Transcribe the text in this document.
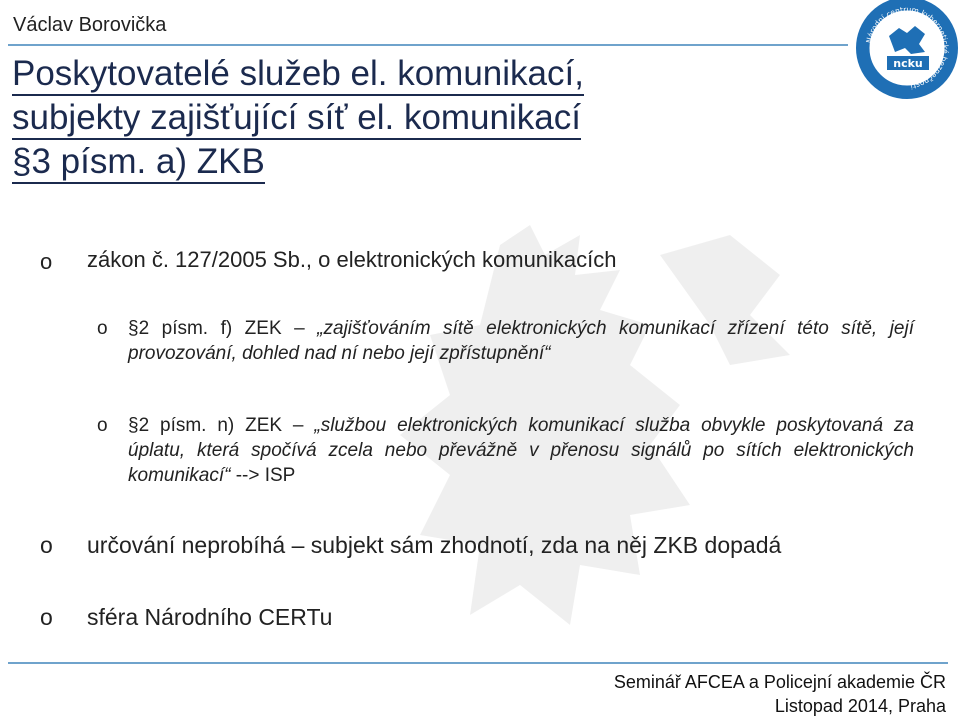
Václav Borovička
Národní centrum kybernetické bezpečnosti
ncku
Poskytovatelé služeb el. komunikací,
subjekty zajišťující síť el. komunikací
§3 písm. a) ZKB
o zákon č. 127/2005 Sb., o elektronických komunikacích
o §2 písm. f) ZEK – „zajišťováním sítě elektronických komunikací zřízení této sítě, její provozování, dohled nad ní nebo její zpřístupnění“
o §2 písm. n) ZEK – „službou elektronických komunikací služba obvykle poskytovaná za úplatu, která spočívá zcela nebo převážně v přenosu signálů po sítích elektronických komunikací“ --> ISP
o určování neprobíhá – subjekt sám zhodnotí, zda na něj ZKB dopadá
o sféra Národního CERTu
Seminář AFCEA a Policejní akademie ČR
Listopad 2014, Praha
